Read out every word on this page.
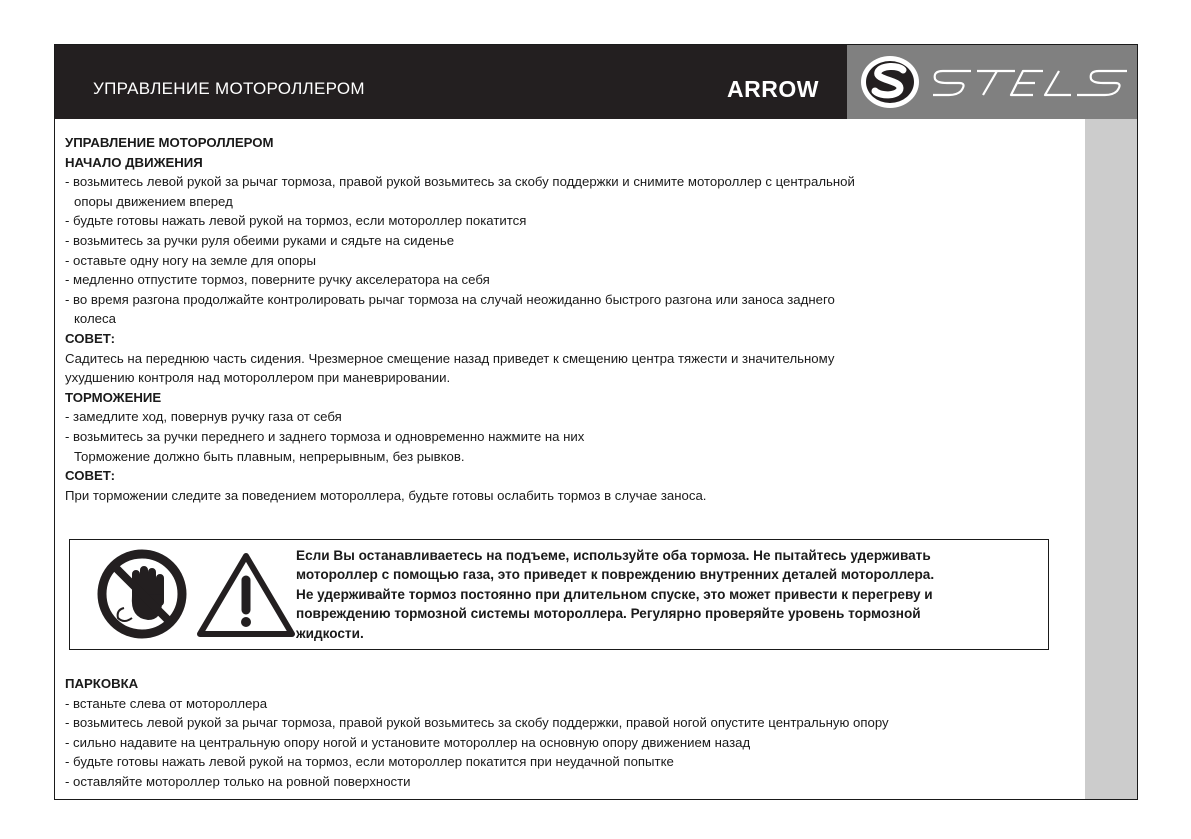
УПРАВЛЕНИЕ МОТОРОЛЛЕРОМ	ARROW

УПРАВЛЕНИЕ МОТОРОЛЛЕРОМ

НАЧАЛО ДВИЖЕНИЯ

- возьмитесь левой рукой за рычаг тормоза, правой рукой возьмитесь за скобу поддержки и снимите мотороллер с центральной

опоры движением вперед

- будьте готовы нажать левой рукой на тормоз, если мотороллер покатится

- возьмитесь за ручки руля обеими руками и сядьте на сиденье

- оставьте одну ногу на земле для опоры

- медленно отпустите тормоз, поверните ручку акселератора на себя

- во время разгона продолжайте контролировать рычаг тормоза на случай неожиданно быстрого разгона или заноса заднего

колеса

СОВЕТ:

Садитесь на переднюю часть сидения. Чрезмерное смещение назад приведет к смещению центра тяжести и значительному

ухудшению контроля над мотороллером при маневрировании.

ТОРМОЖЕНИЕ

- замедлите ход, повернув ручку газа от себя

- возьмитесь за ручки переднего и заднего тормоза и одновременно нажмите на них

Торможение должно быть плавным, непрерывным, без рывков.

СОВЕТ:

При торможении следите за поведением мотороллера, будьте готовы ослабить тормоз в случае заноса.

Если Вы останавливаетесь на подъеме, используйте оба тормоза. Не пытайтесь удерживать
мотороллер с помощью газа, это приведет к повреждению внутренних деталей мотороллера.
Не удерживайте тормоз постоянно при длительном спуске, это может привести к перегреву и
повреждению тормозной системы мотороллера. Регулярно проверяйте уровень тормозной
жидкости.

ПАРКОВКА

- встаньте слева от мотороллера

- возьмитесь левой рукой за рычаг тормоза, правой рукой возьмитесь за скобу поддержки, правой ногой опустите центральную опору

- сильно надавите на центральную опору ногой и установите мотороллер на основную опору движением назад

- будьте готовы нажать левой рукой на тормоз, если мотороллер покатится при неудачной попытке

- оставляйте мотороллер только на ровной поверхности
